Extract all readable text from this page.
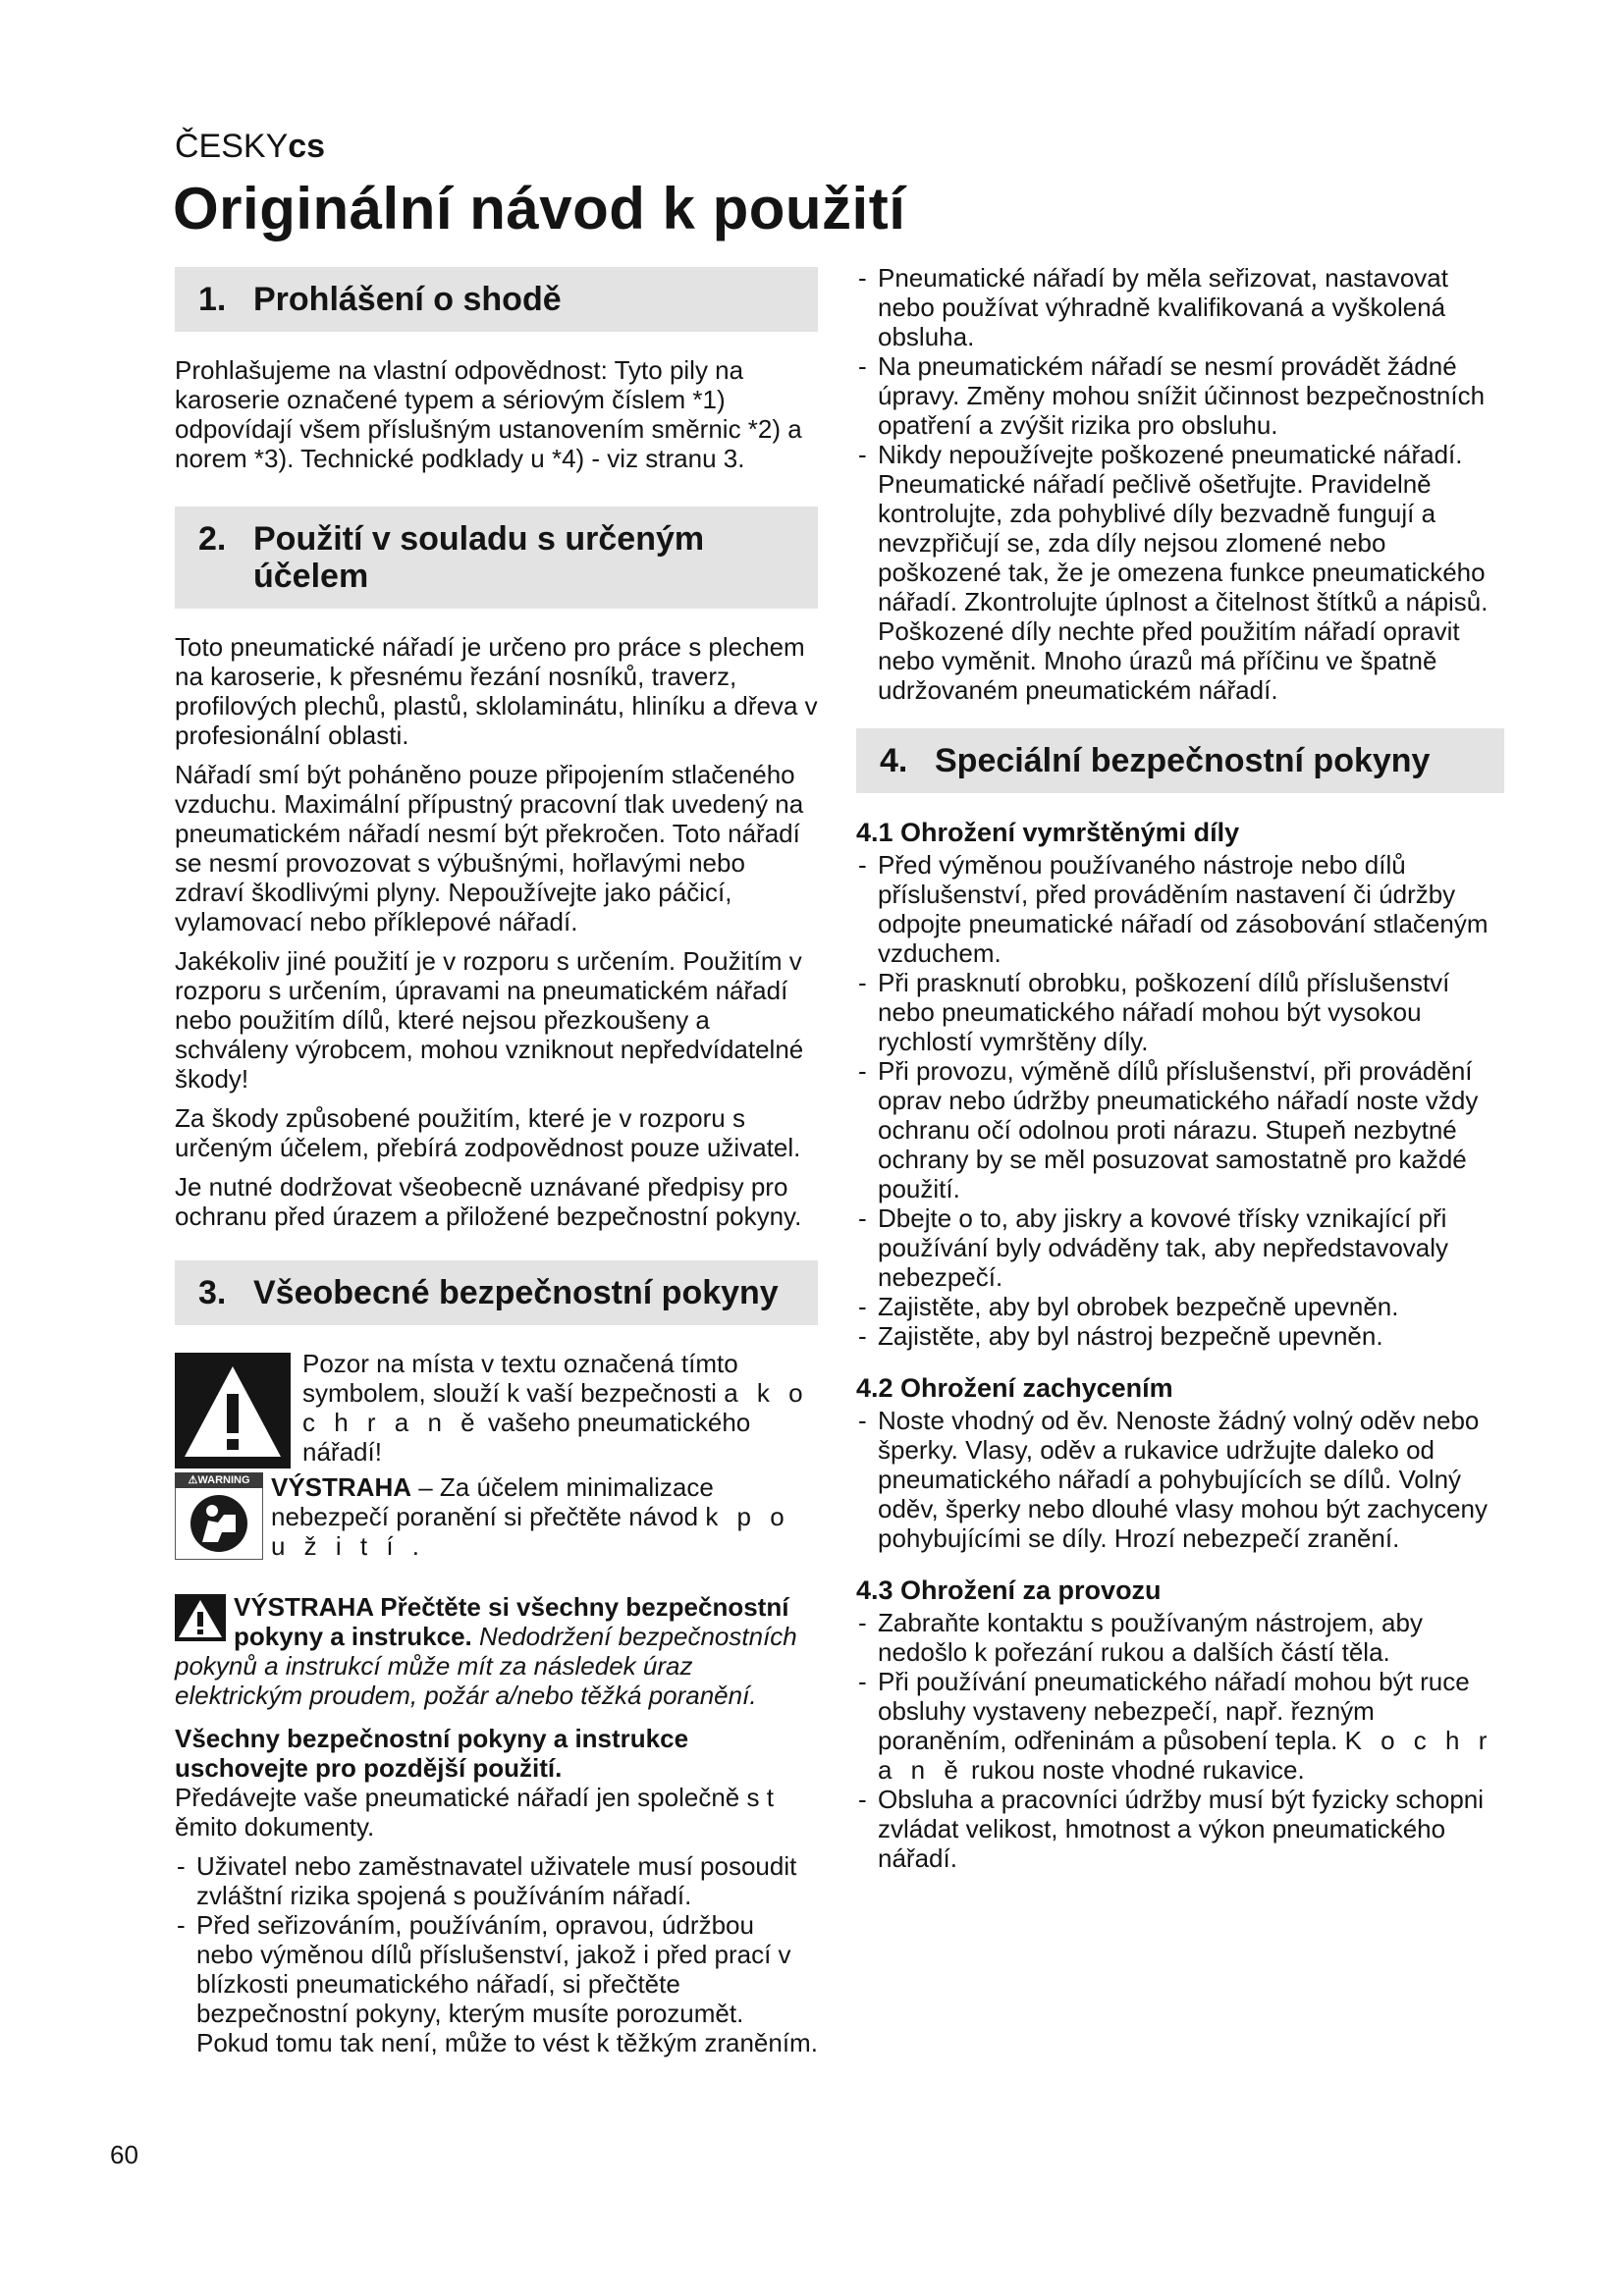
ČESKYcs
Originální návod k použití
1. Prohlášení o shodě

Prohlašujeme na vlastní odpovědnost: Tyto pily na karoserie označené typem a sériovým číslem *1) odpovídají všem příslušným ustanovením směrnic *2) a norem *3). Technické podklady u *4) - viz stranu 3.

2. Použití v souladu s určeným účelem

Toto pneumatické nářadí je určeno pro práce s plechem na karoserie, k přesnému řezání nosníků, traverz, profilových plechů, plastů, sklolaminátu, hliníku a dřeva v profesionální oblasti.

Nářadí smí být poháněno pouze připojením stlačeného vzduchu. Maximální přípustný pracovní tlak uvedený na pneumatickém nářadí nesmí být překročen. Toto nářadí se nesmí provozovat s výbušnými, hořlavými nebo zdraví škodlivými plyny. Nepoužívejte jako páčicí, vylamovací nebo příklepové nářadí.

Jakékoliv jiné použití je v rozporu s určením. Použitím v rozporu s určením, úpravami na pneumatickém nářadí nebo použitím dílů, které nejsou přezkoušeny a schváleny výrobcem, mohou vzniknout nepředvídatelné škody!

Za škody způsobené použitím, které je v rozporu s určeným účelem, přebírá zodpovědnost pouze uživatel.

Je nutné dodržovat všeobecně uznávané předpisy pro ochranu před úrazem a přiložené bezpečnostní pokyny.

3. Všeobecné bezpečnostní pokyny
Pozor na místa v textu označená tímto symbolem, slouží k vaší bezpečnosti a k o c h r a n ě vašeho pneumatického nářadí!
⚠WARNING VÝSTRAHA – Za účelem minimalizace nebezpečí poranění si přečtěte návod k p o u ž i t í .
VÝSTRAHA Přečtěte si všechny bezpečnostní pokyny a instrukce. Nedodržení bezpečnostních pokynů a instrukcí může mít za následek úraz elektrickým proudem, požár a/nebo těžká poranění.
Všechny bezpečnostní pokyny a instrukce uschovejte pro pozdější použití.

Předávejte vaše pneumatické nářadí jen společně s t ěmito dokumenty.

- Uživatel nebo zaměstnavatel uživatele musí posoudit zvláštní rizika spojená s používáním nářadí.
- Před seřizováním, používáním, opravou, údržbou nebo výměnou dílů příslušenství, jakož i před prací v blízkosti pneumatického nářadí, si přečtěte bezpečnostní pokyny, kterým musíte porozumět. Pokud tomu tak není, může to vést k těžkým zraněním.
- Pneumatické nářadí by měla seřizovat, nastavovat nebo používat výhradně kvalifikovaná a vyškolená obsluha.
- Na pneumatickém nářadí se nesmí provádět žádné úpravy. Změny mohou snížit účinnost bezpečnostních opatření a zvýšit rizika pro obsluhu.
- Nikdy nepoužívejte poškozené pneumatické nářadí. Pneumatické nářadí pečlivě ošetřujte. Pravidelně kontrolujte, zda pohyblivé díly bezvadně fungují a nevzpřičují se, zda díly nejsou zlomené nebo poškozené tak, že je omezena funkce pneumatického nářadí. Zkontrolujte úplnost a čitelnost štítků a nápisů. Poškozené díly nechte před použitím nářadí opravit nebo vyměnit. Mnoho úrazů má příčinu ve špatně udržovaném pneumatickém nářadí.
4. Speciální bezpečnostní pokyny
4.1 Ohrožení vymrštěnými díly
- Před výměnou používaného nástroje nebo dílů příslušenství, před prováděním nastavení či údržby odpojte pneumatické nářadí od zásobování stlačeným vzduchem.
- Při prasknutí obrobku, poškození dílů příslušenství nebo pneumatického nářadí mohou být vysokou rychlostí vymrštěny díly.
- Při provozu, výměně dílů příslušenství, při provádění oprav nebo údržby pneumatického nářadí noste vždy ochranu očí odolnou proti nárazu. Stupeň nezbytné ochrany by se měl posuzovat samostatně pro každé použití.
- Dbejte o to, aby jiskry a kovové třísky vznikající při používání byly odváděny tak, aby nepředstavovaly nebezpečí.
- Zajistěte, aby byl obrobek bezpečně upevněn.
- Zajistěte, aby byl nástroj bezpečně upevněn.
4.2 Ohrožení zachycením
- Noste vhodný od ěv. Nenoste žádný volný oděv nebo šperky. Vlasy, oděv a rukavice udržujte daleko od pneumatického nářadí a pohybujících se dílů. Volný oděv, šperky nebo dlouhé vlasy mohou být zachyceny pohybujícími se díly. Hrozí nebezpečí zranění.
4.3 Ohrožení za provozu
- Zabraňte kontaktu s používaným nástrojem, aby nedošlo k pořezání rukou a dalších částí těla.
- Při používání pneumatického nářadí mohou být ruce obsluhy vystaveny nebezpečí, např. řezným poraněním, odřeninám a působení tepla. K o c h r a n ě rukou noste vhodné rukavice.
- Obsluha a pracovníci údržby musí být fyzicky schopni zvládat velikost, hmotnost a výkon pneumatického nářadí.
60
